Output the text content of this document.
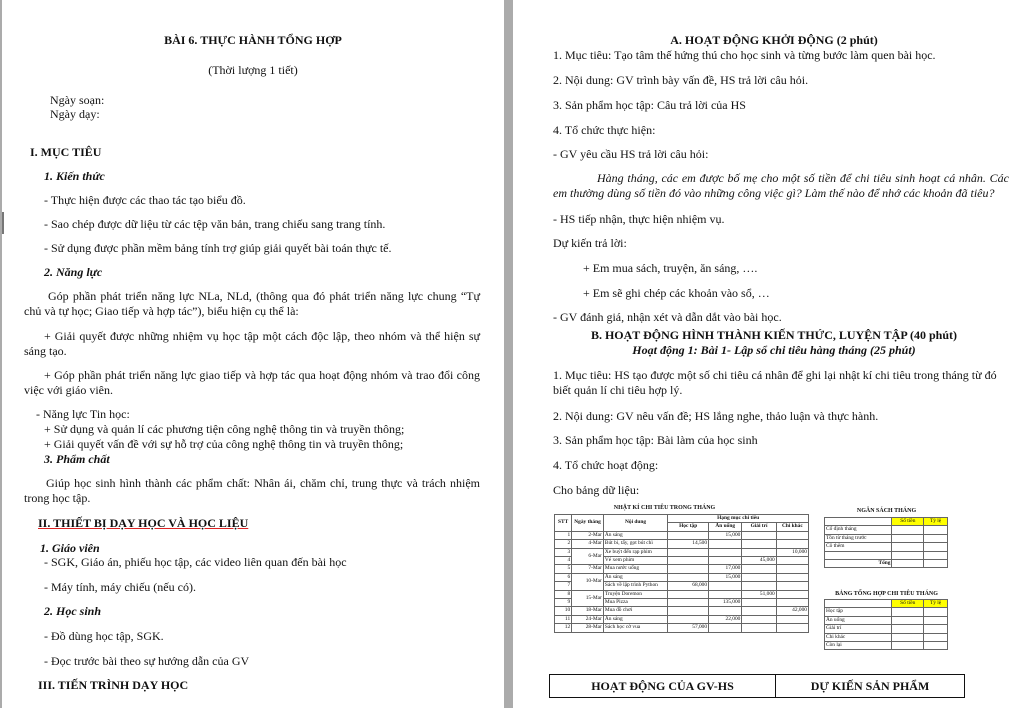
BÀI 6. THỰC HÀNH TỔNG HỢP
(Thời lượng 1 tiết)
Ngày soạn:
Ngày dạy:
I. MỤC TIÊU
1. Kiến thức
- Thực hiện được các thao tác tạo biểu đồ.
- Sao chép được dữ liệu từ các tệp văn bản, trang chiếu sang trang tính.
- Sử dụng được phần mềm bảng tính trợ giúp giải quyết bài toán thực tế.
2. Năng lực
Góp phần phát triển năng lực NLa, NLd, (thông qua đó phát triển năng lực chung “Tự chủ và tự học; Giao tiếp và hợp tác”), biểu hiện cụ thể là:
+ Giải quyết được những nhiệm vụ học tập một cách độc lập, theo nhóm và thể hiện sự sáng tạo.
+ Góp phần phát triển năng lực giao tiếp và hợp tác qua hoạt động nhóm và trao đổi công việc với giáo viên.
- Năng lực Tin học:
+ Sử dụng và quản lí các phương tiện công nghệ thông tin và truyền thông;
+ Giải quyết vấn đề với sự hỗ trợ của công nghệ thông tin và truyền thông;
3. Phẩm chất
Giúp học sinh hình thành các phẩm chất: Nhân ái, chăm chỉ, trung thực và trách nhiệm trong học tập.
II. THIẾT BỊ DẠY HỌC VÀ HỌC LIỆU
1. Giáo viên
- SGK, Giáo án, phiếu học tập, các video liên quan đến bài học
- Máy tính, máy chiếu (nếu có).
2. Học sinh
- Đồ dùng học tập, SGK.
- Đọc trước bài theo sự hướng dẫn của GV
III. TIẾN TRÌNH DẠY HỌC
A. HOẠT ĐỘNG KHỞI ĐỘNG (2 phút)
1. Mục tiêu: Tạo tâm thế hứng thú cho học sinh và từng bước làm quen bài học.
2. Nội dung: GV trình bày vấn đề, HS trả lời câu hỏi.
3. Sản phẩm học tập: Câu trả lời của HS
4. Tổ chức thực hiện:
- GV yêu cầu HS trả lời câu hỏi:
Hàng tháng, các em được bố mẹ cho một số tiền để chi tiêu sinh hoạt cá nhân. Các em thường dùng số tiền đó vào những công việc gì? Làm thế nào để nhớ các khoản đã tiêu?
- HS tiếp nhận, thực hiện nhiệm vụ.
Dự kiến trả lời:
+ Em mua sách, truyện, ăn sáng, ….
+ Em sẽ ghi chép các khoản vào sổ, …
- GV đánh giá, nhận xét và dẫn dắt vào bài học.
B. HOẠT ĐỘNG HÌNH THÀNH KIẾN THỨC, LUYỆN TẬP (40 phút)
Hoạt động 1: Bài 1- Lập sổ chi tiêu hàng tháng (25 phút)
1. Mục tiêu: HS tạo được một số chi tiêu cá nhân để ghi lại nhật kí chi tiêu trong tháng từ đó biết quản lí chi tiêu hợp lý.
2. Nội dung: GV nêu vấn đề; HS lắng nghe, thảo luận và thực hành.
3. Sản phẩm học tập: Bài làm của học sinh
4. Tổ chức hoạt động:
Cho bảng dữ liệu:
NHẬT KÍ CHI TIÊU TRONG THÁNG
STT	Ngày tháng	Nội dung	Hạng mục chi tiêu			
			Học tập	Ăn uống	Giải trí	Chi khác
1	2-Mar	Ăn sáng		15,000		
2	4-Mar	Bút bi, tẩy, gọt bút chì	14,500			
3	6-Mar	Xe buýt đến rạp phim				10,000
4		Vé xem phim			45,000	
5	7-Mar	Mua nước uống		17,000		
6	10-Mar	Ăn sáng		15,000		
7		Sách về lập trình Python	68,000			
8	15-Mar	Truyện Doremon			51,000	
9		Mua Pizza		135,000		
10	18-Mar	Mua đồ chơi				42,000
11	24-Mar	Ăn sáng		22,000		
12	28-Mar	Sách học cờ vua	57,000			
NGÂN SÁCH THÁNG
	Số tiền	Tỷ lệ
Cố định tháng		
Tồn từ tháng trước		
Cô thêm		

Tổng		
BẢNG TỔNG HỢP CHI TIÊU THÁNG
	Số tiền	Tỷ lệ
Học tập		
Ăn uống		
Giải trí		
Chi khác		
Còn lại		
HOẠT ĐỘNG CỦA GV-HS	DỰ KIẾN SẢN PHẨM
